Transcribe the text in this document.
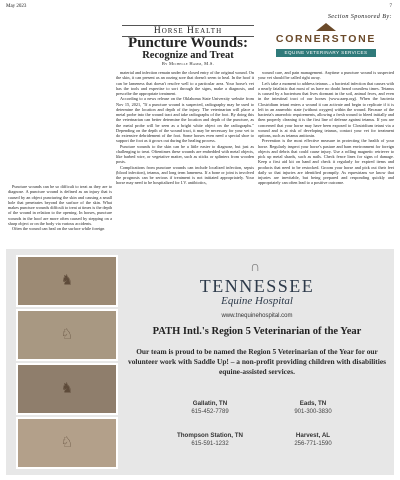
May 2023	7
Section Sponsored By:
CORNERSTONE
EQUINE VETERINARY SERVICES
Horse Health
Puncture Wounds:
Recognize and Treat
By Michelle Hamm, M.S.

Puncture wounds can be so difficult to treat as they are to diagnose. A puncture wound is defined as an injury that is caused by an object puncturing the skin and causing a small hole that penetrates beyond the surface of the skin. What makes puncture wounds difficult to treat at times is the depth of the wound in relation to the opening. In horses, puncture wounds in the hoof are more often caused by stepping on a sharp object or on the body via various accidents.

Often the wound can heal on the surface while foreign

material and infection remain under the closed entry of the original wound. On the skin, it can present as an oozing sore that doesn't seem to heal. In the hoof it can be lameness that doesn't resolve well to a particular area. Your horse's vet has the tools and expertise to sort through the signs, make a diagnosis, and prescribe the appropriate treatment.

According to a news release on the Oklahoma State University website from Nov 15, 2021, "If a puncture wound is suspected, radiography may be used to determine the location and depth of the injury. The veterinarian will place a metal probe into the wound tract and take radiographs of the foot. By doing this the veterinarian can better determine the location and depth of the puncture, as the metal probe will be seen as a bright white object on the radiographs." Depending on the depth of the wound tract, it may be necessary for your vet to do extensive debridement of the foot. Some horses even need a special shoe to support the foot as it grows out during the healing process.

Puncture wounds to the skin can be a little easier to diagnose, but just as challenging to treat. Oftentimes these wounds are embedded with metal objects, like barbed wire, or vegetative matter, such as sticks or splinters from wooden posts.

Complications from puncture wounds can include localized infection, sepsis (blood infection), tetanus, and long term lameness. If a bone or joint is involved the prognosis can be serious if treatment is not initiated appropriately. Your horse may need to be hospitalized for I.V. antibiotics,

wound care, and pain management. Anytime a puncture wound is suspected your vet should be called right away.

Let's take a moment to address tetanus – a bacterial infection that causes with a nearly fatalistic that most of us have no doubt heard countless times. Tetanus is caused by a bacterium that lives dormant in the soil, animal feces, and even in the intestinal tract of our horses (www.aaep.org). When the bacteria Clostridium tetani enters a wound it can activate and begin to replicate if it is left in an anaerobic state (without oxygen) within the wound. Because of the bacteria's anaerobic requirements, allowing a fresh wound to bleed initially and then properly cleaning it is the first line of defense against tetanus. If you are concerned that your horse may have been exposed to Clostridium tetani via a wound and is at risk of developing tetanus, contact your vet for treatment options, such as tetanus antitoxin.

Prevention is the most effective measure in protecting the health of your horse. Regularly inspect your horse's pasture and barn environment for foreign objects and debris that could cause injury. Use a rolling magnetic retriever to pick up metal shards, such as nails. Check fence lines for signs of damage. Keep a first aid kit on hand and check it regularly for expired items and products that need to be restocked. Groom your horse and pick out their feet daily so that injuries are identified promptly. As equestrians we know that injuries are inevitable, but being prepared and responding quickly and appropriately can often lead to a positive outcome.

♞
♘
♞
♘
∩
TENNESSEE
Equine Hospital
www.tnequinehospital.com
PATH Intl.'s Region 5 Veterinarian of the Year
Our team is proud to be named the Region 5 Veterinarian of the Year for our volunteer work with Saddle Up! – a non-profit providing children with disabilities equine-assisted services.
Gallatin, TN
615-452-7789
Eads, TN
901-300-3830
Thompson Station, TN
615-591-1232
Harvest, AL
256-771-1590
